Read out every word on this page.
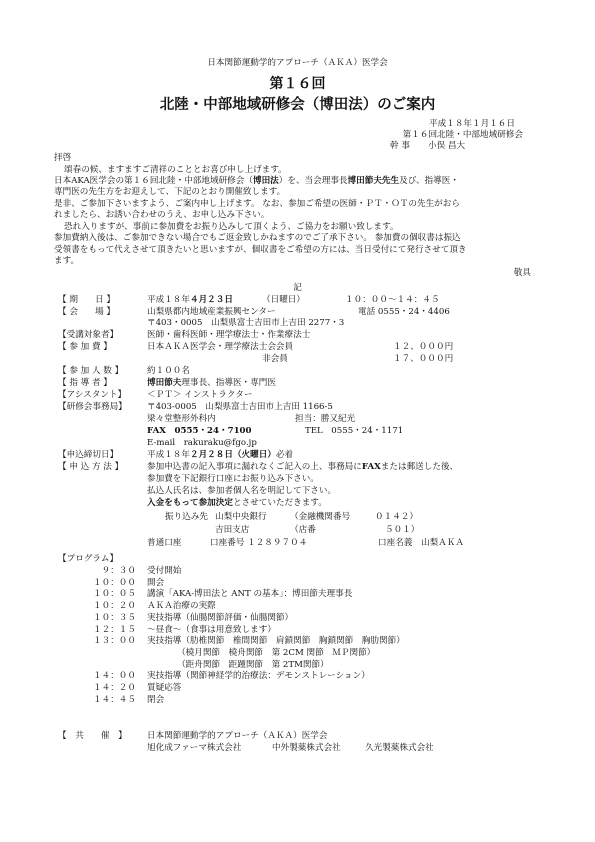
日本関節運動学的アプローチ（ＡＫＡ）医学会
第１６回
北陸・中部地域研修会（博田法）のご案内
平成１８年１月１６日
第１６回北陸・中部地域研修会
幹 事 小俣 昌大
拝啓
頌春の候、ますますご清祥のこととお喜び申し上げます。
日本AKA医学会の第１６回北陸・中部地域研修会（博田法）を、当会理事長博田節夫先生及び、指導医・
専門医の先生方をお迎えして、下記のとおり開催致します。
是非、ご参加下さいますよう、ご案内申し上げます。 なお、参加ご希望の医師・ＰＴ・ＯＴの先生がおら
れましたら、お誘い合わせのうえ、お申し込み下さい。
恐れ入りますが、事前に参加費をお振り込みして頂くよう、ご協力をお願い致します。
参加費納入後は、ご参加できない場合でもご返金致しかねますのでご了承下さい。 参加費の個収書は振込
受領書をもって代えさせて頂きたいと思いますが、個収書をご希望の方には、当日受付にて発行させて頂き
ます。
敬具
記
【 期　　日 】	平成１８年４月２３日	（日曜日）	１０：００～１４：４５
【 会　　場 】	山梨県都内地域産業振興センター	電話 0555・24・4406
〒403・0005　山梨県富士吉田市上吉田 2277・3
【受講対象者】	医師・歯科医師・理学療法士・作業療法士
【 参 加 費 】	日本ＡＫＡ医学会・理学療法士会会員	１２、０００円
非会員	１７、０００円
【 参 加 人 数 】	約１００名
【 指 導 者 】	博田節夫理事長、指導医・専門医
【アシスタント】 ＜ＰＴ＞ インストラクター
【研修会事務局】 〒403-0005　山梨県富士吉田市上吉田 1166-5
梁々堂整形外科内	担当：勝又紀光
FAX　0555・24・7100	TEL　0555・24・1171
E-mail　rakuraku@fgo.jp
【申込締切日】	平成１８年２月２８日（火曜日）必着
【 申 込 方 法 】	参加申込書の記入事項に漏れなくご記入の上、事務局にFAXまたは郵送した後、
参加費を下記銀行口座にお振り込み下さい。
払込人氏名は、参加者個人名を明記して下さい。
入金をもって参加決定とさせていただきます。
振り込み先 山梨中央銀行	（金融機関番号	０１４２）
吉田支店	（店番	５０１）
普通口座	口座番号 １２８９７０４	口座名義　山梨ＡＫＡ
【プログラム】
９：３０ 受付開始
１０：００ 開会
１０：０５ 講演「AKA-博田法と ANT の基本」：博田節夫理事長
１０：２０ ＡＫＡ治療の実際
１０：３５ 実技指導（仙腸関節評価・仙腸関節）
１２：１５ ～昼食～（食事は用意致します）
１３：００ 実技指導（肋椎関節　椎間関節　肩鎖関節　胸鎖関節　胸肋関節）
　　　　（橈月関節　橈舟関節　第 2CM 関節　ＭＰ関節）
　　　　（距舟関節　距踵関節　第 2TM関節）
１４：００ 実技指導（関節神経学的治療法：デモンストレーション）
１４：２０ 質疑応答
１４：４５ 閉会
【　共　　催　】 日本関節運動学的アプローチ（ＡＫＡ）医学会
旭化成ファーマ株式会社	中外製薬株式会社	久光製薬株式会社
